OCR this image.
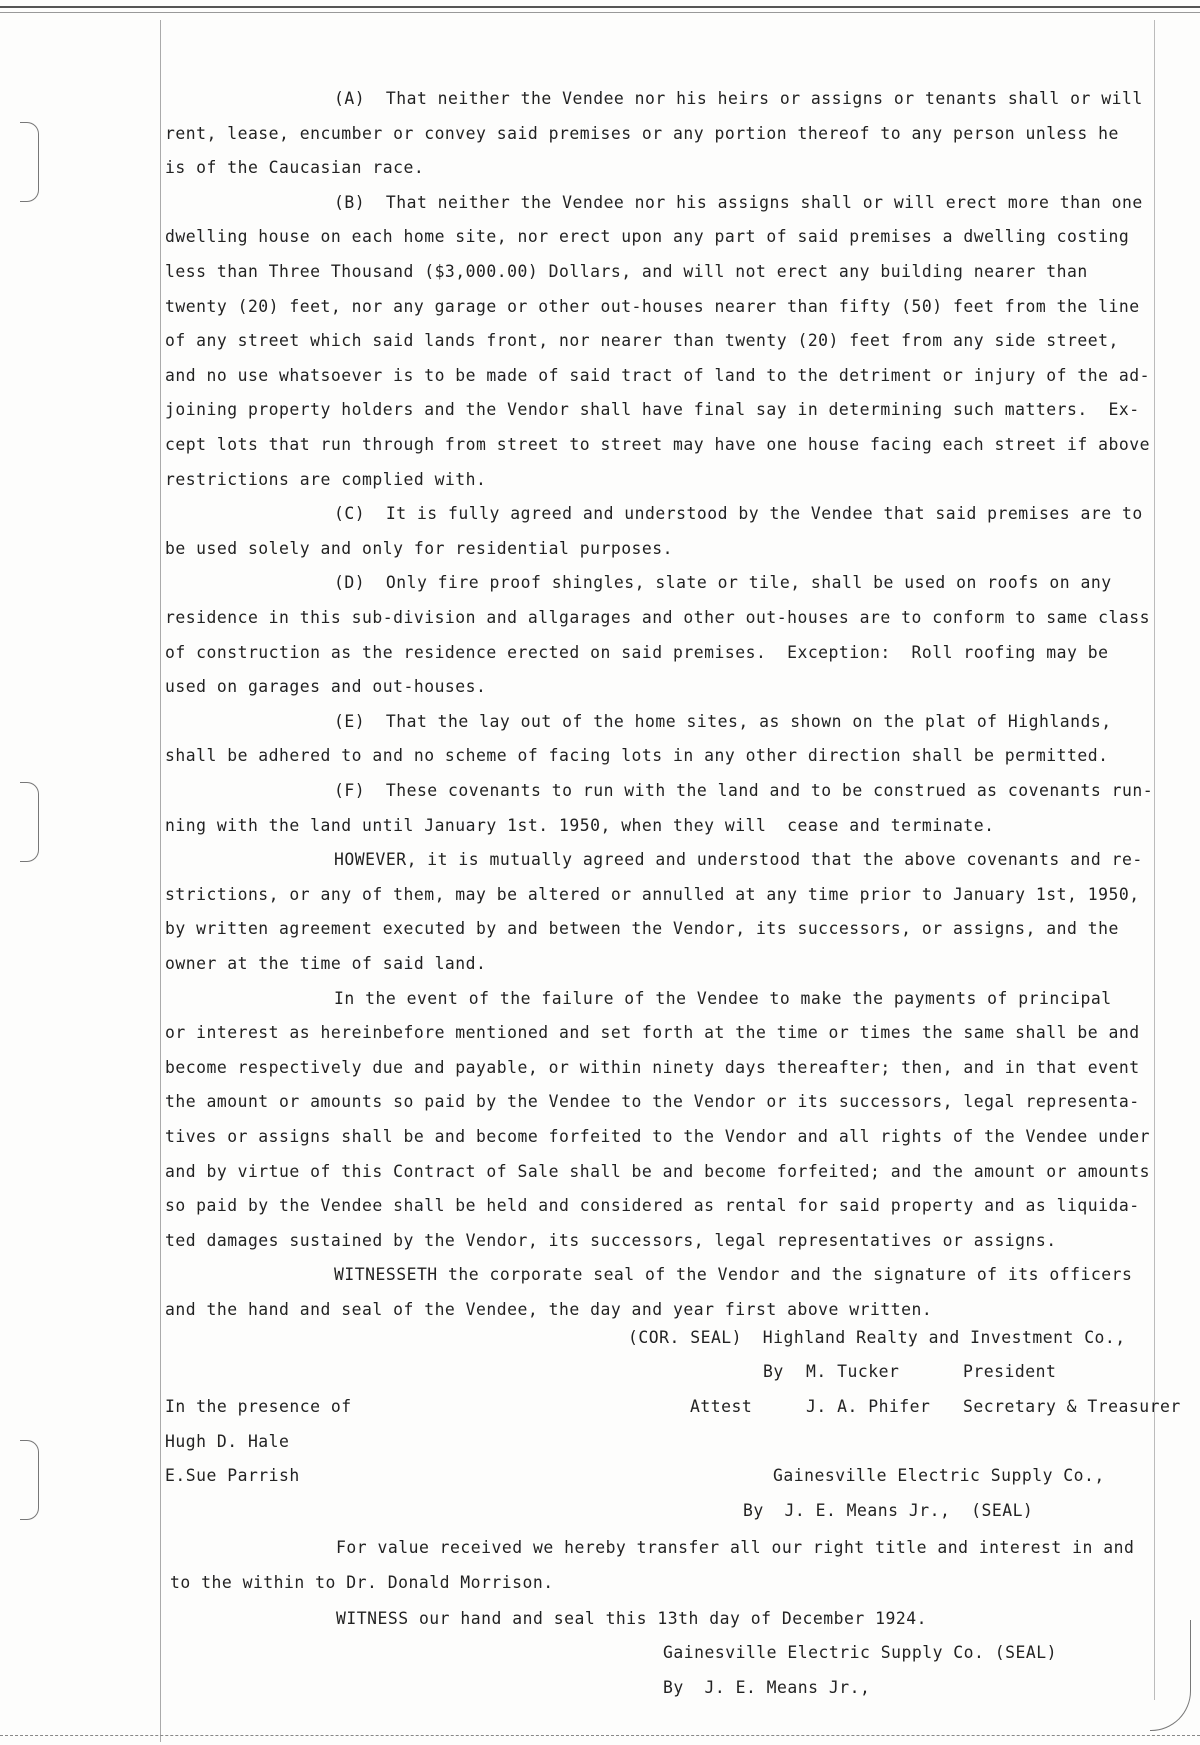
(A)  That neither the Vendee nor his heirs or assigns or tenants shall or will
rent, lease, encumber or convey said premises or any portion thereof to any person unless he
is of the Caucasian race.
(B)  That neither the Vendee nor his assigns shall or will erect more than one
dwelling house on each home site, nor erect upon any part of said premises a dwelling costing
less than Three Thousand ($3,000.00) Dollars, and will not erect any building nearer than
twenty (20) feet, nor any garage or other out-houses nearer than fifty (50) feet from the line
of any street which said lands front, nor nearer than twenty (20) feet from any side street,
and no use whatsoever is to be made of said tract of land to the detriment or injury of the ad-
joining property holders and the Vendor shall have final say in determining such matters.  Ex-
cept lots that run through from street to street may have one house facing each street if above
restrictions are complied with.
(C)  It is fully agreed and understood by the Vendee that said premises are to
be used solely and only for residential purposes.
(D)  Only fire proof shingles, slate or tile, shall be used on roofs on any
residence in this sub-division and allgarages and other out-houses are to conform to same class
of construction as the residence erected on said premises.  Exception:  Roll roofing may be
used on garages and out-houses.
(E)  That the lay out of the home sites, as shown on the plat of Highlands,
shall be adhered to and no scheme of facing lots in any other direction shall be permitted.
(F)  These covenants to run with the land and to be construed as covenants run-
ning with the land until January 1st. 1950, when they will  cease and terminate.
HOWEVER, it is mutually agreed and understood that the above covenants and re-
strictions, or any of them, may be altered or annulled at any time prior to January 1st, 1950,
by written agreement executed by and between the Vendor, its successors, or assigns, and the
owner at the time of said land.
In the event of the failure of the Vendee to make the payments of principal
or interest as hereinbefore mentioned and set forth at the time or times the same shall be and
become respectively due and payable, or within ninety days thereafter; then, and in that event
the amount or amounts so paid by the Vendee to the Vendor or its successors, legal representa-
tives or assigns shall be and become forfeited to the Vendor and all rights of the Vendee under
and by virtue of this Contract of Sale shall be and become forfeited; and the amount or amounts
so paid by the Vendee shall be held and considered as rental for said property and as liquida-
ted damages sustained by the Vendor, its successors, legal representatives or assigns.
WITNESSETH the corporate seal of the Vendor and the signature of its officers
and the hand and seal of the Vendee, the day and year first above written.
(COR. SEAL)  Highland Realty and Investment Co.,
By M. Tucker	President
In the presence of	Attest	J. A. Phifer Secretary & Treasurer
Hugh D. Hale
E.Sue Parrish	Gainesville Electric Supply Co.,
By  J. E. Means Jr.,  (SEAL)
For value received we hereby transfer all our right title and interest in and
to the within to Dr. Donald Morrison.
WITNESS our hand and seal this 13th day of December 1924.
Gainesville Electric Supply Co. (SEAL)
By  J. E. Means Jr.,
